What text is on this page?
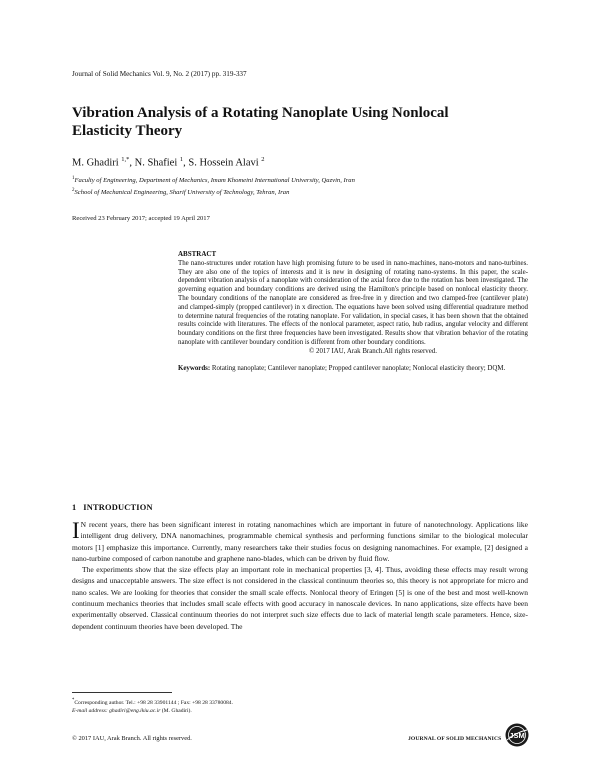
Journal of Solid Mechanics Vol. 9, No. 2 (2017) pp. 319-337
Vibration Analysis of a Rotating Nanoplate Using Nonlocal Elasticity Theory
M. Ghadiri $^{1,*}$, N. Shafiei $^1$, S. Hossein Alavi $^2$
$^1$Faculty of Engineering, Department of Mechanics, Imam Khomeini International University, Qazvin, Iran
$^2$School of Mechanical Engineering, Sharif University of Technology, Tehran, Iran
Received 23 February 2017; accepted 19 April 2017
ABSTRACT
The nano-structures under rotation have high promising future to be used in nano-machines, nano-motors and nano-turbines. They are also one of the topics of interests and it is new in designing of rotating nano-systems. In this paper, the scale-dependent vibration analysis of a nanoplate with consideration of the axial force due to the rotation has been investigated. The governing equation and boundary conditions are derived using the Hamilton's principle based on nonlocal elasticity theory. The boundary conditions of the nanoplate are considered as free-free in y direction and two clamped-free (cantilever plate) and clamped-simply (propped cantilever) in x direction. The equations have been solved using differential quadrature method to determine natural frequencies of the rotating nanoplate. For validation, in special cases, it has been shown that the obtained results coincide with literatures. The effects of the nonlocal parameter, aspect ratio, hub radius, angular velocity and different boundary conditions on the first three frequencies have been investigated. Results show that vibration behavior of the rotating nanoplate with cantilever boundary condition is different from other boundary conditions.
© 2017 IAU, Arak Branch.All rights reserved.
Keywords: Rotating nanoplate; Cantilever nanoplate; Propped cantilever nanoplate; Nonlocal elasticity theory; DQM.
1 INTRODUCTION

I N recent years, there has been significant interest in rotating nanomachines which are important in future of nanotechnology. Applications like intelligent drug delivery, DNA nanomachines, programmable chemical synthesis and performing functions similar to the biological molecular motors [1] emphasize this importance. Currently, many researchers take their studies focus on designing nanomachines. For example, [2] designed a nano-turbine composed of carbon nanotube and graphene nano-blades, which can be driven by fluid flow.

The experiments show that the size effects play an important role in mechanical properties [3, 4]. Thus, avoiding these effects may result wrong designs and unacceptable answers. The size effect is not considered in the classical continuum theories so, this theory is not appropriate for micro and nano scales. We are looking for theories that consider the small scale effects. Nonlocal theory of Eringen [5] is one of the best and most well-known continuum mechanics theories that includes small scale effects with good accuracy in nanoscale devices. In nano applications, size effects have been experimentally observed. Classical continuum theories do not interpret such size effects due to lack of material length scale parameters. Hence, size-dependent continuum theories have been developed. The

*Corresponding author. Tel.: +98 28 33901144 ; Fax: +98 28 33780084.
E-mail address: ghadiri@eng.ikiu.ac.ir (M. Ghadiri).
© 2017 IAU, Arak Branch. All rights reserved.	JOURNAL OF SOLID MECHANICS JSM
